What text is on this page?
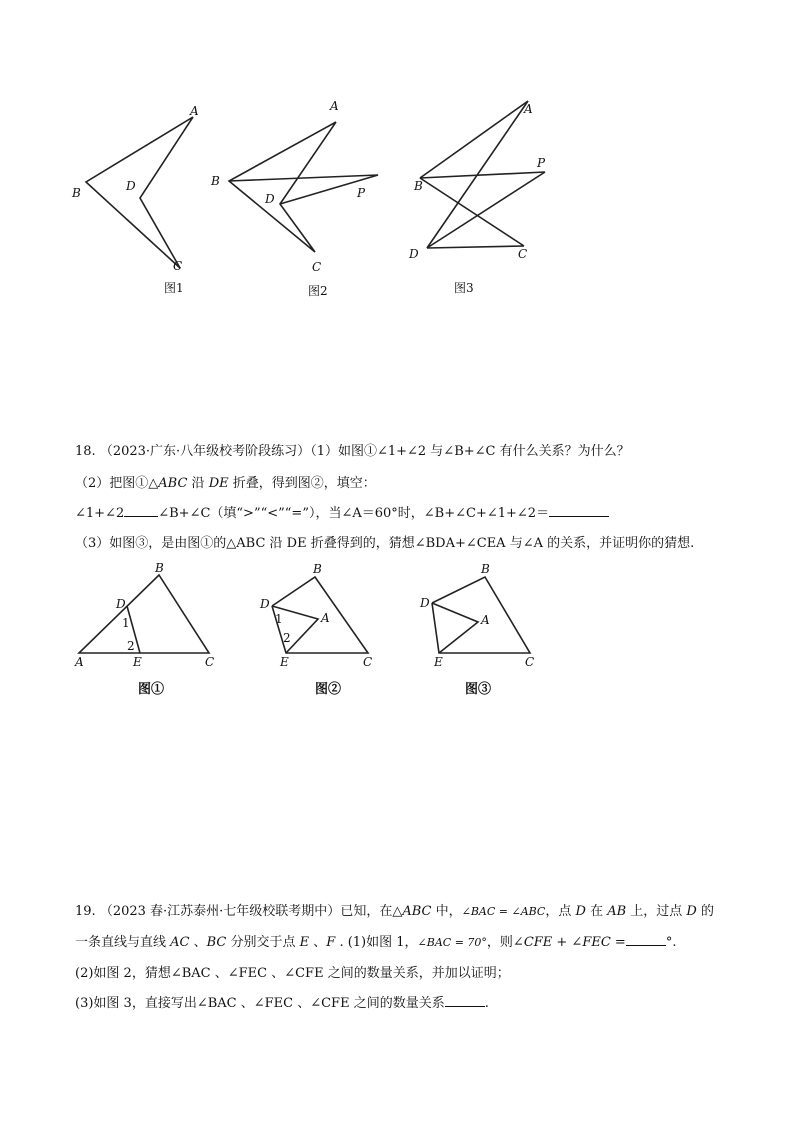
A
B	D
C
图1
A
B
D	P
C
图2
A
B
P
D	C
图3
18. （2023·广东·八年级校考阶段练习）（1）如图①∠1+∠2 与∠B+∠C 有什么关系？为什么？
（2）把图①△ABC 沿 DE 折叠，得到图②，填空：
∠1+∠2	∠B+∠C（填“>”“<”“=”），当∠A＝60°时，∠B+∠C+∠1+∠2＝
（3）如图③，是由图①的△ABC 沿 DE 折叠得到的，猜想∠BDA+∠CEA 与∠A 的关系，并证明你的猜想.
B
D
1
2
A	E	C
图①
B
D
1
2
A
E	C
图②
B
D
A
E	C
图③
19. （2023 春·江苏泰州·七年级校联考期中）已知，在△ABC 中，∠BAC = ∠ABC，点 D 在 AB 上，过点 D 的
一条直线与直线 AC 、BC 分别交于点 E 、F . (1)如图 1，∠BAC = 70°，则∠CFE + ∠FEC =	°.
(2)如图 2，猜想∠BAC 、∠FEC 、∠CFE 之间的数量关系，并加以证明；
(3)如图 3，直接写出∠BAC 、∠FEC 、∠CFE 之间的数量关系	.
